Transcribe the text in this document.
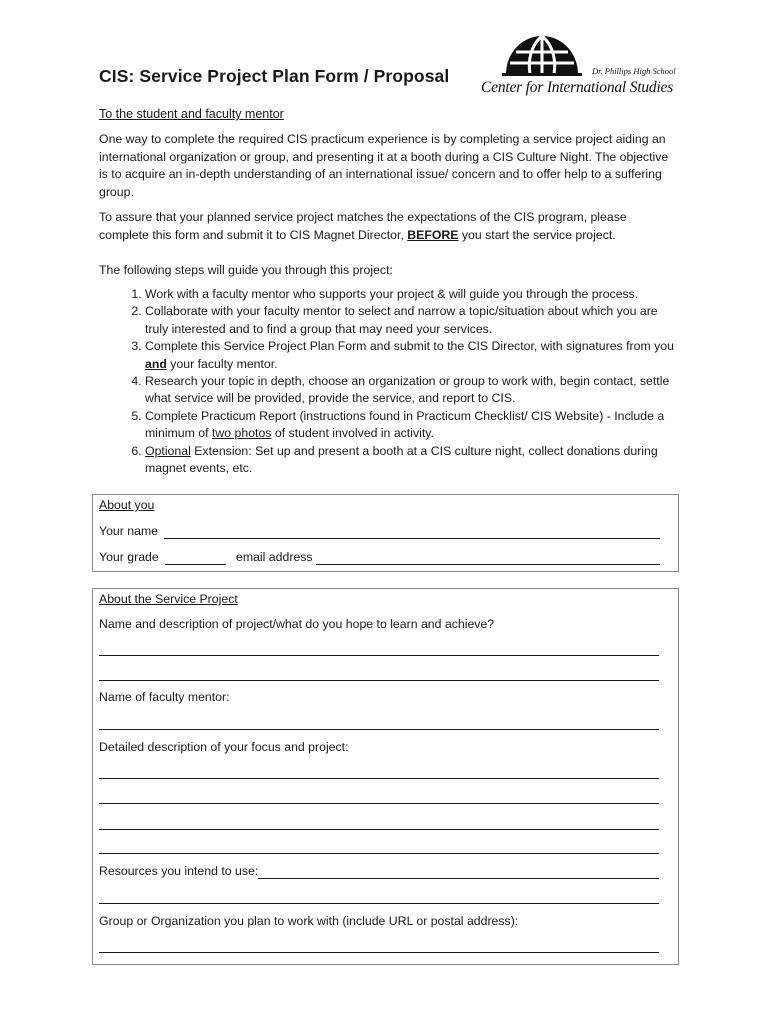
CIS: Service Project Plan Form / Proposal	Dr. Phillips High School
Center for International Studies
To the student and faculty mentor
One way to complete the required CIS practicum experience is by completing a service project aiding an international organization or group, and presenting it at a booth during a CIS Culture Night. The objective is to acquire an in-depth understanding of an international issue/ concern and to offer help to a suffering group.
To assure that your planned service project matches the expectations of the CIS program, please complete this form and submit it to CIS Magnet Director, BEFORE you start the service project.
The following steps will guide you through this project:
1. Work with a faculty mentor who supports your project & will guide you through the process.
2. Collaborate with your faculty mentor to select and narrow a topic/situation about which you are truly interested and to find a group that may need your services.
3. Complete this Service Project Plan Form and submit to the CIS Director, with signatures from you and your faculty mentor.
4. Research your topic in depth, choose an organization or group to work with, begin contact, settle what service will be provided, provide the service, and report to CIS.
5. Complete Practicum Report (instructions found in Practicum Checklist/ CIS Website) - Include a minimum of two photos of student involved in activity.
6. Optional Extension: Set up and present a booth at a CIS culture night, collect donations during magnet events, etc.
About you
Your name
Your grade	email address
About the Service Project
Name and description of project/what do you hope to learn and achieve?
Name of faculty mentor:
Detailed description of your focus and project:
Resources you intend to use:
Group or Organization you plan to work with (include URL or postal address):
